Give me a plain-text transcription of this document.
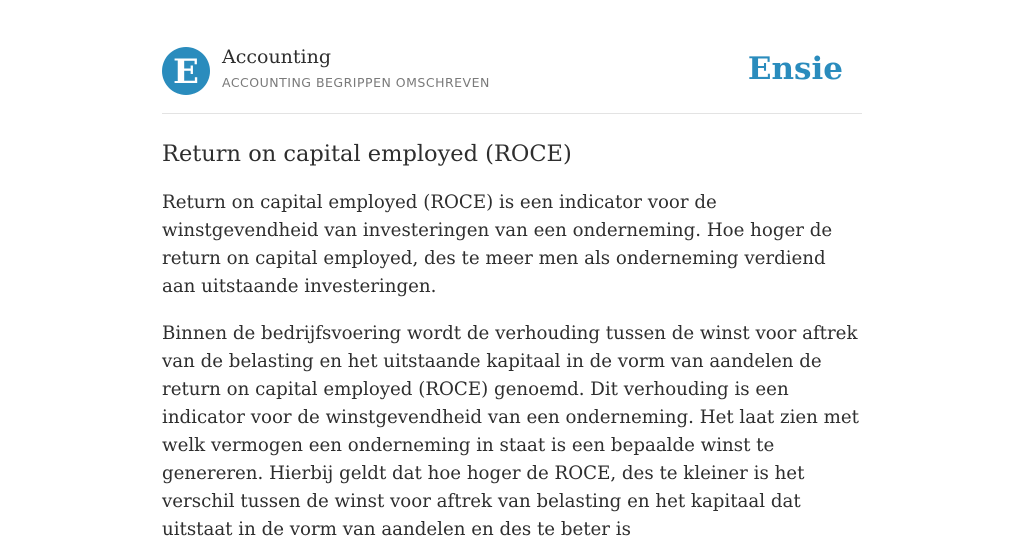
E Accounting
ACCOUNTING BEGRIPPEN OMSCHREVEN	Ensie
Return on capital employed (ROCE)

Return on capital employed (ROCE) is een indicator voor de winstgevendheid van investeringen van een onderneming. Hoe hoger de return on capital employed, des te meer men als onderneming verdiend aan uitstaande investeringen.

Binnen de bedrijfsvoering wordt de verhouding tussen de winst voor aftrek van de belasting en het uitstaande kapitaal in de vorm van aandelen de return on capital employed (ROCE) genoemd. Dit verhouding is een indicator voor de winstgevendheid van een onderneming. Het laat zien met welk vermogen een onderneming in staat is een bepaalde winst te genereren. Hierbij geldt dat hoe hoger de ROCE, des te kleiner is het verschil tussen de winst voor aftrek van belasting en het kapitaal dat uitstaat in de vorm van aandelen en des te beter is
